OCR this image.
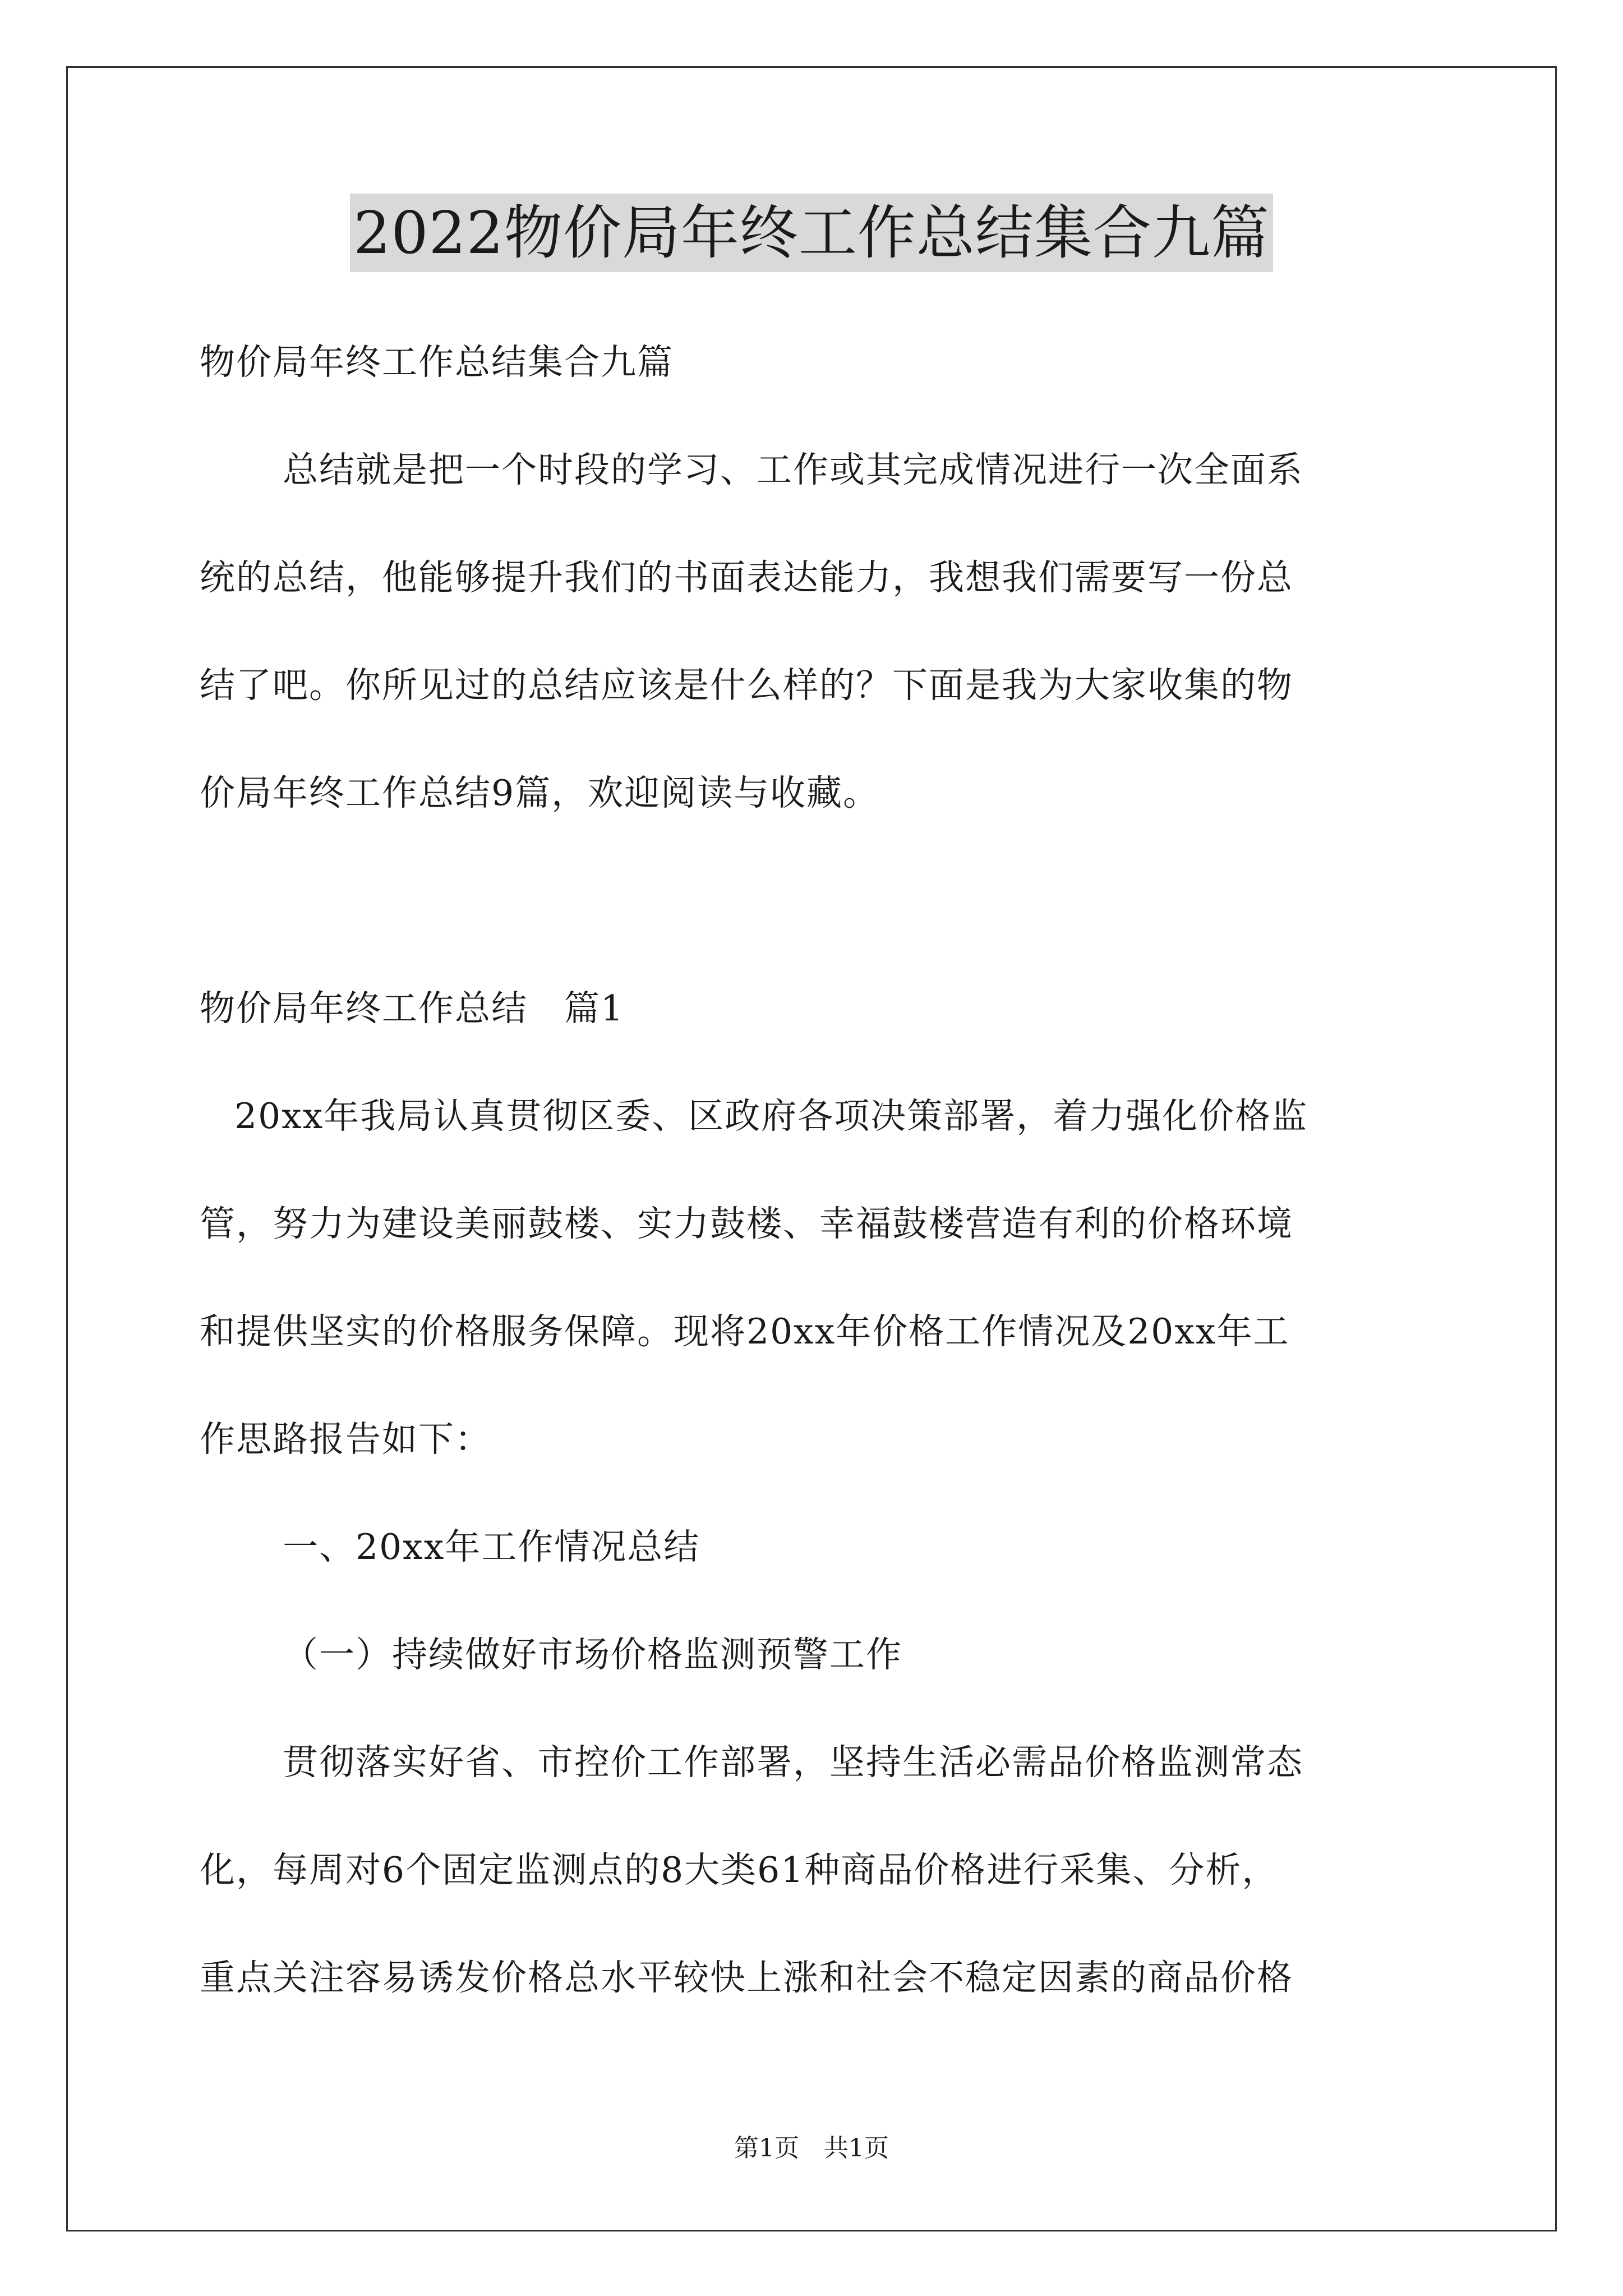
2022物价局年终工作总结集合九篇

物价局年终工作总结集合九篇

总结就是把一个时段的学习、工作或其完成情况进行一次全面系

统的总结，他能够提升我们的书面表达能力，我想我们需要写一份总

结了吧。你所见过的总结应该是什么样的？下面是我为大家收集的物

价局年终工作总结9篇，欢迎阅读与收藏。

物价局年终工作总结　篇1

20xx年我局认真贯彻区委、区政府各项决策部署，着力强化价格监

管，努力为建设美丽鼓楼、实力鼓楼、幸福鼓楼营造有利的价格环境

和提供坚实的价格服务保障。现将20xx年价格工作情况及20xx年工

作思路报告如下：

一、20xx年工作情况总结

（一）持续做好市场价格监测预警工作

贯彻落实好省、市控价工作部署，坚持生活必需品价格监测常态

化，每周对6个固定监测点的8大类61种商品价格进行采集、分析，

重点关注容易诱发价格总水平较快上涨和社会不稳定因素的商品价格

第1页　共1页
